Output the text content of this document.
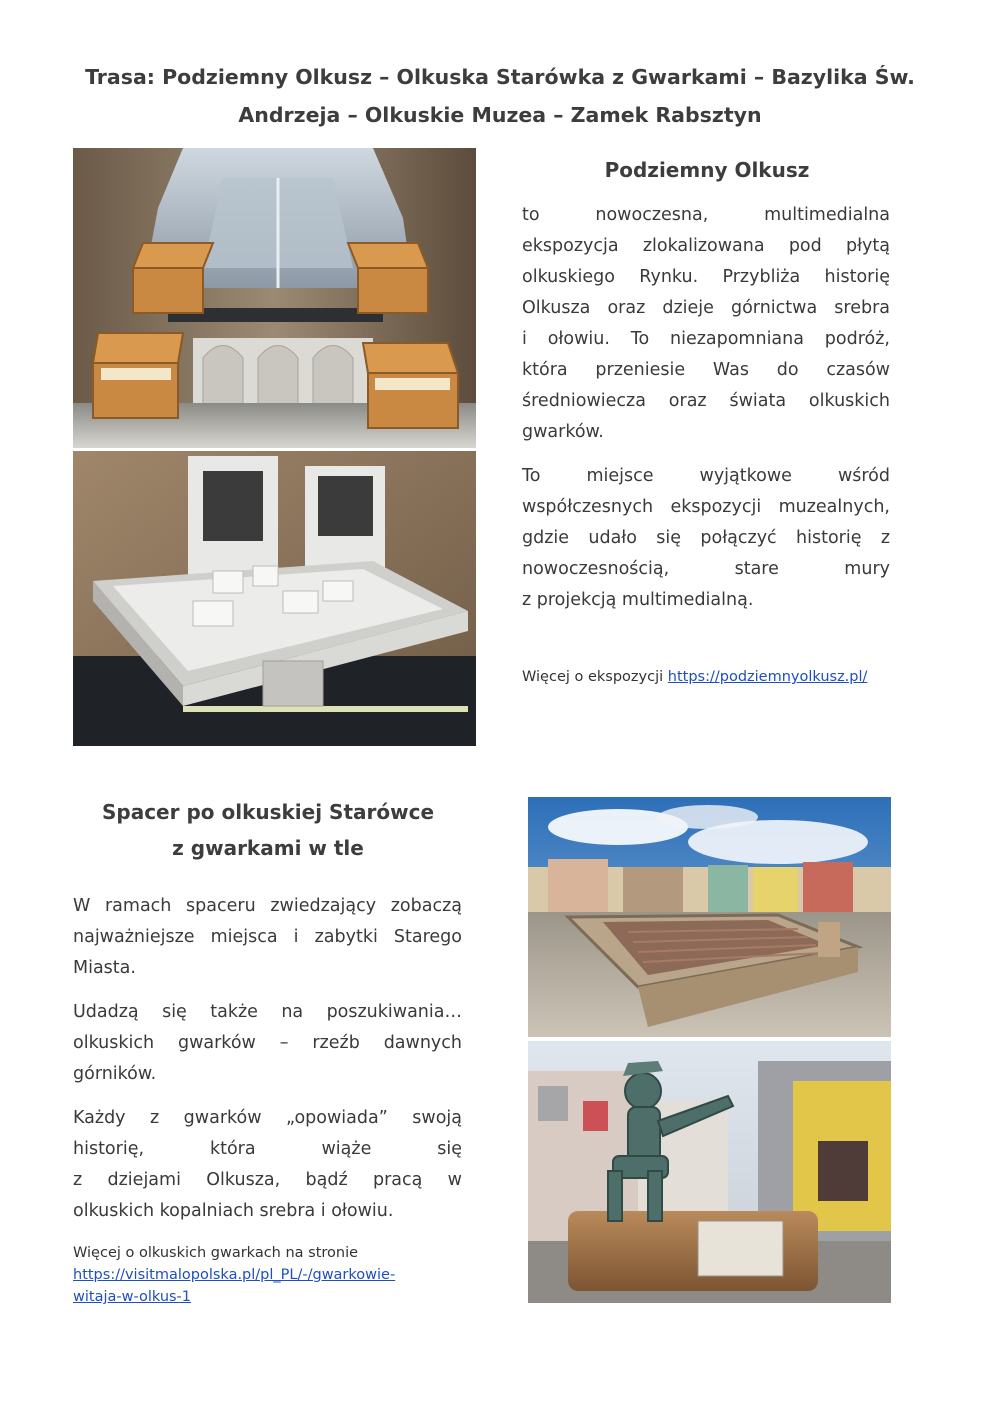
Trasa: Podziemny Olkusz – Olkuska Starówka z Gwarkami – Bazylika Św.
Andrzeja – Olkuskie Muzea – Zamek Rabsztyn
Podziemny Olkusz
to nowoczesna, multimedialna
ekspozycja zlokalizowana pod płytą
olkuskiego Rynku. Przybliża historię
Olkusza oraz dzieje górnictwa srebra
i ołowiu. To niezapomniana podróż,
która przeniesie Was do czasów
średniowiecza oraz świata olkuskich
gwarków.
To miejsce wyjątkowe wśród
współczesnych ekspozycji muzealnych,
gdzie udało się połączyć historię z
nowoczesnością, stare mury
z projekcją multimedialną.
Więcej o ekspozycji https://podziemnyolkusz.pl/
Spacer po olkuskiej Starówce
z gwarkami w tle
W ramach spaceru zwiedzający zobaczą
najważniejsze miejsca i zabytki Starego
Miasta.
Udadzą się także na poszukiwania…
olkuskich gwarków – rzeźb dawnych
górników.
Każdy z gwarków „opowiada” swoją
historię, która wiąże się
z dziejami Olkusza, bądź pracą w
olkuskich kopalniach srebra i ołowiu.
Więcej o olkuskich gwarkach na stronie
https://visitmalopolska.pl/pl_PL/-/gwarkowie-
witaja-w-olkus-1
